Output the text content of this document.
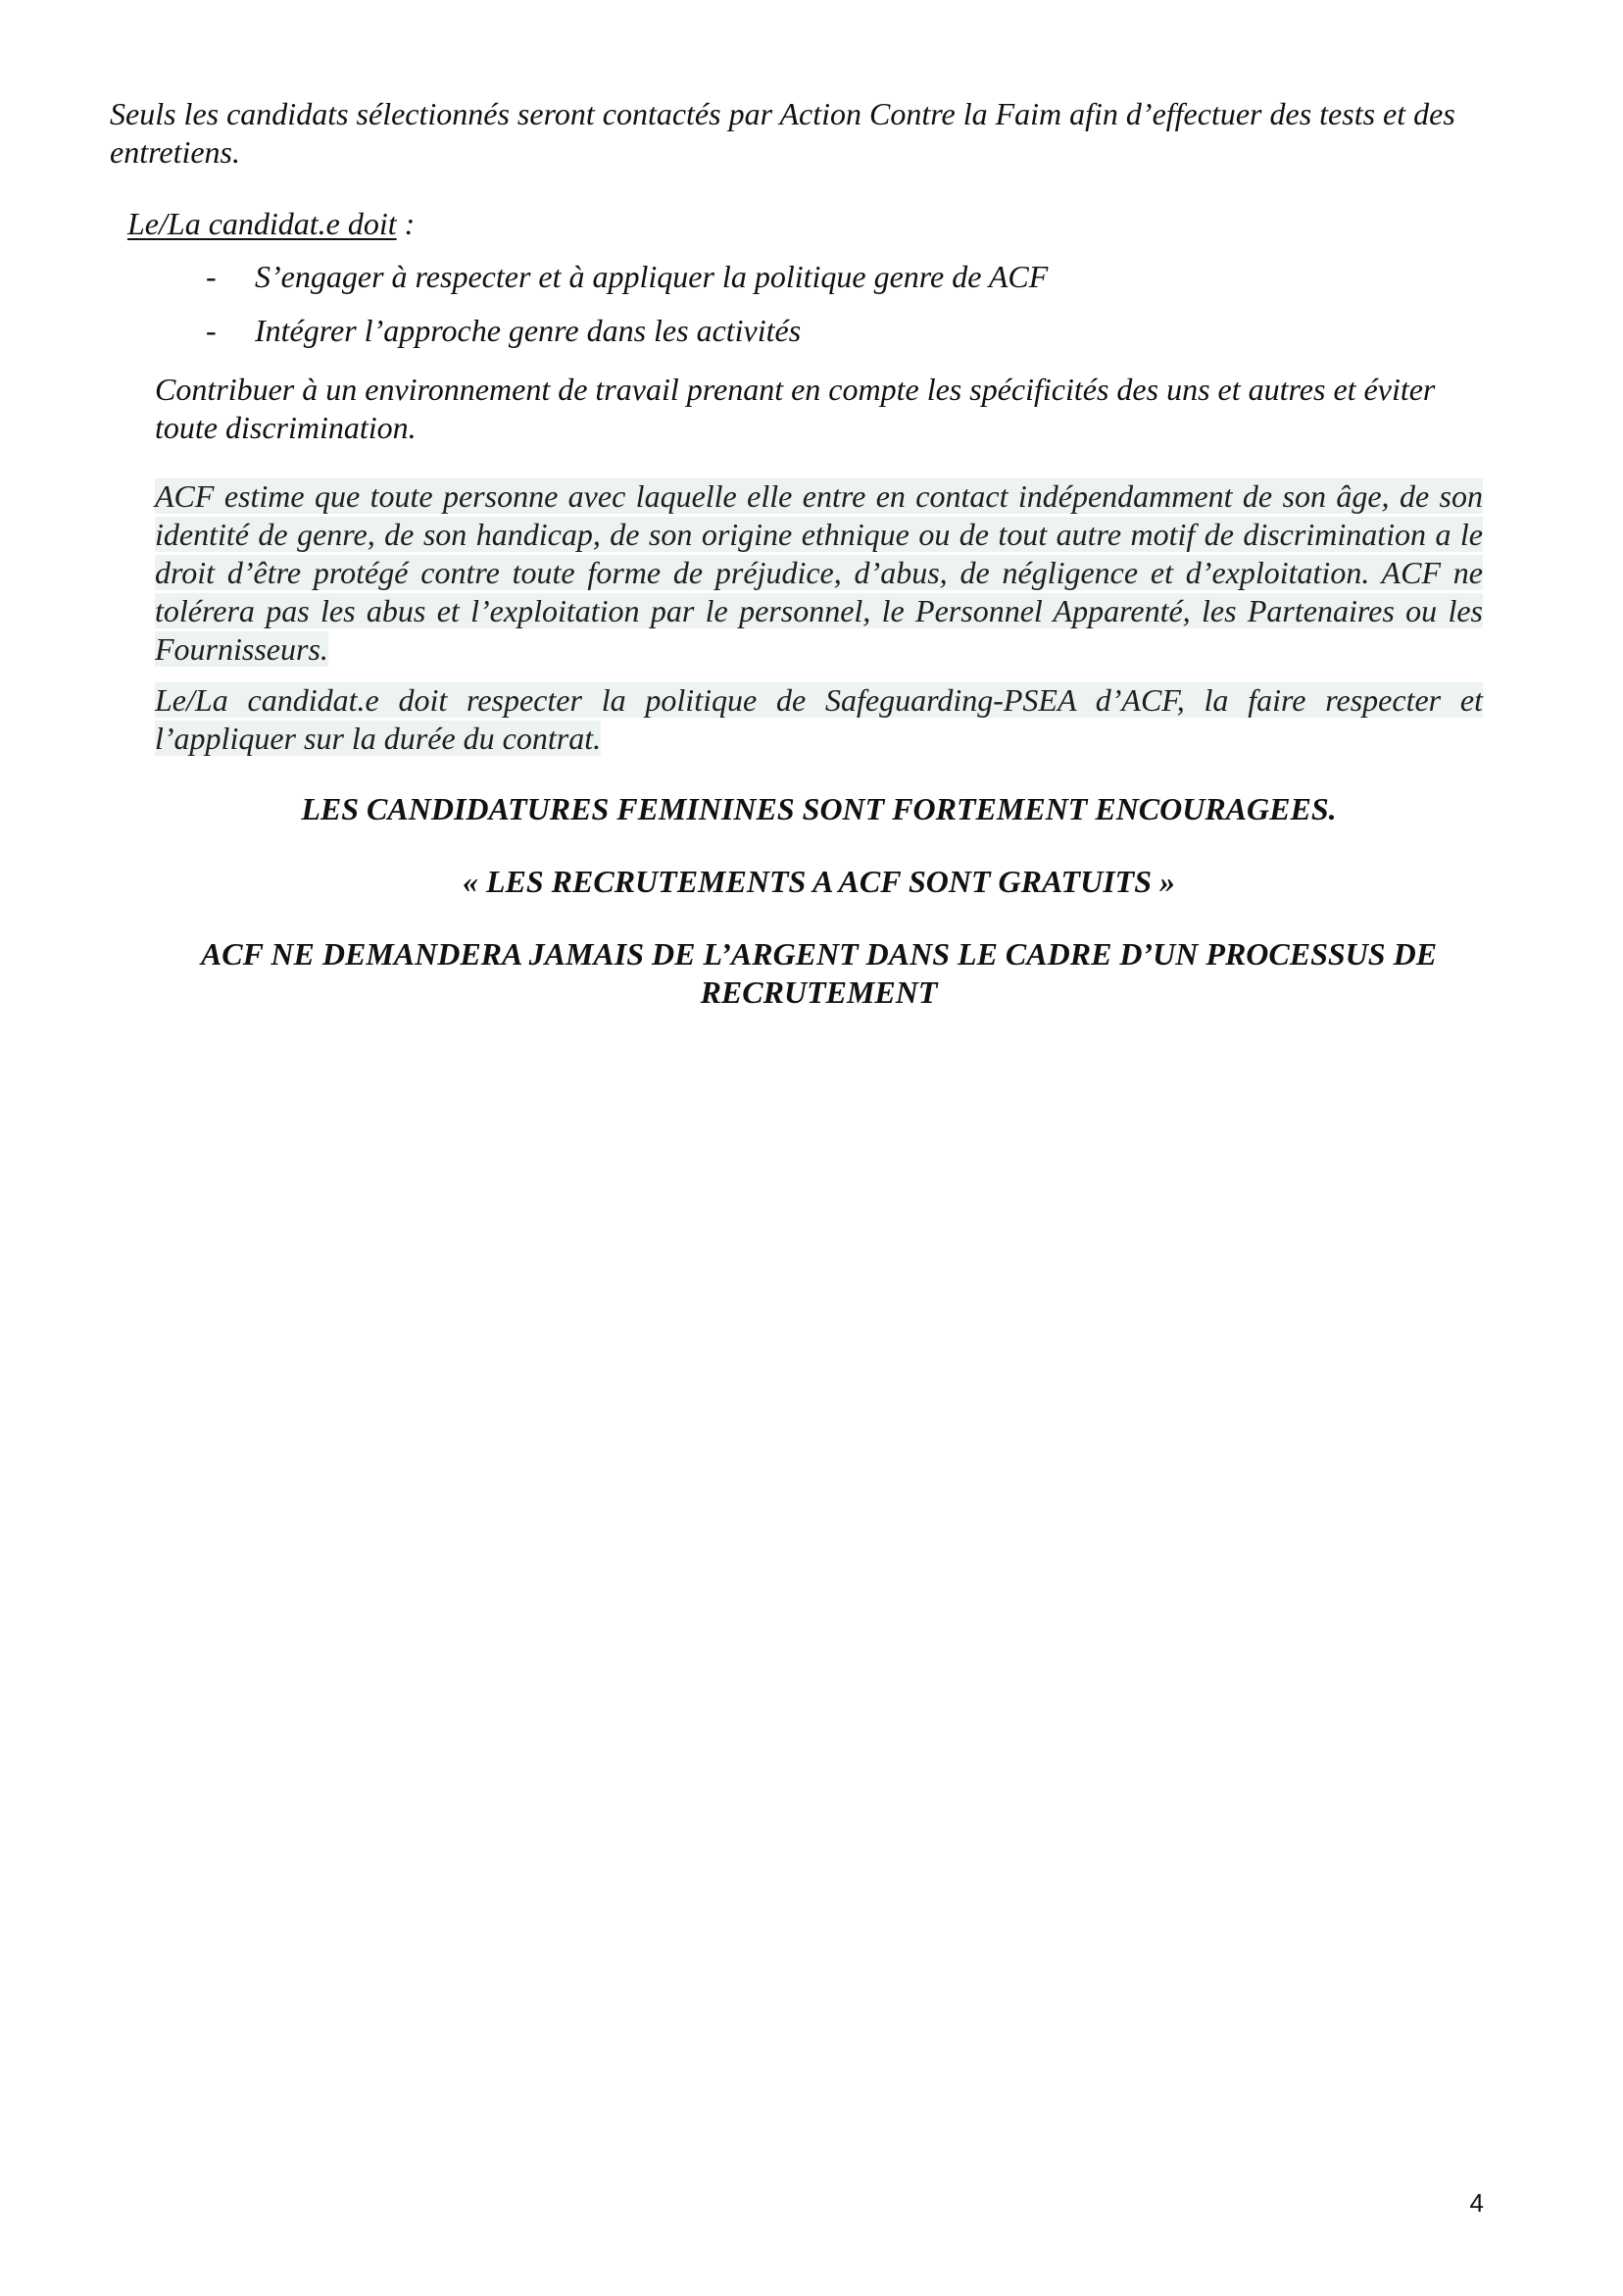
Seuls les candidats sélectionnés seront contactés par Action Contre la Faim afin d’effectuer des tests et des entretiens.

Le/La candidat.e doit :

- S’engager à respecter et à appliquer la politique genre de ACF
- Intégrer l’approche genre dans les activités

Contribuer à un environnement de travail prenant en compte les spécificités des uns et autres et éviter toute discrimination.

ACF estime que toute personne avec laquelle elle entre en contact indépendamment de son âge, de son identité de genre, de son handicap, de son origine ethnique ou de tout autre motif de discrimination a le droit d’être protégé contre toute forme de préjudice, d’abus, de négligence et d’exploitation. ACF ne tolérera pas les abus et l’exploitation par le personnel, le Personnel Apparenté, les Partenaires ou les Fournisseurs.
Le/La candidat.e doit respecter la politique de Safeguarding-PSEA d’ACF, la faire respecter et l’appliquer sur la durée du contrat.

LES CANDIDATURES FEMININES SONT FORTEMENT ENCOURAGEES.

« LES RECRUTEMENTS A ACF SONT GRATUITS »

ACF NE DEMANDERA JAMAIS DE L’ARGENT DANS LE CADRE D’UN PROCESSUS DE RECRUTEMENT

4
